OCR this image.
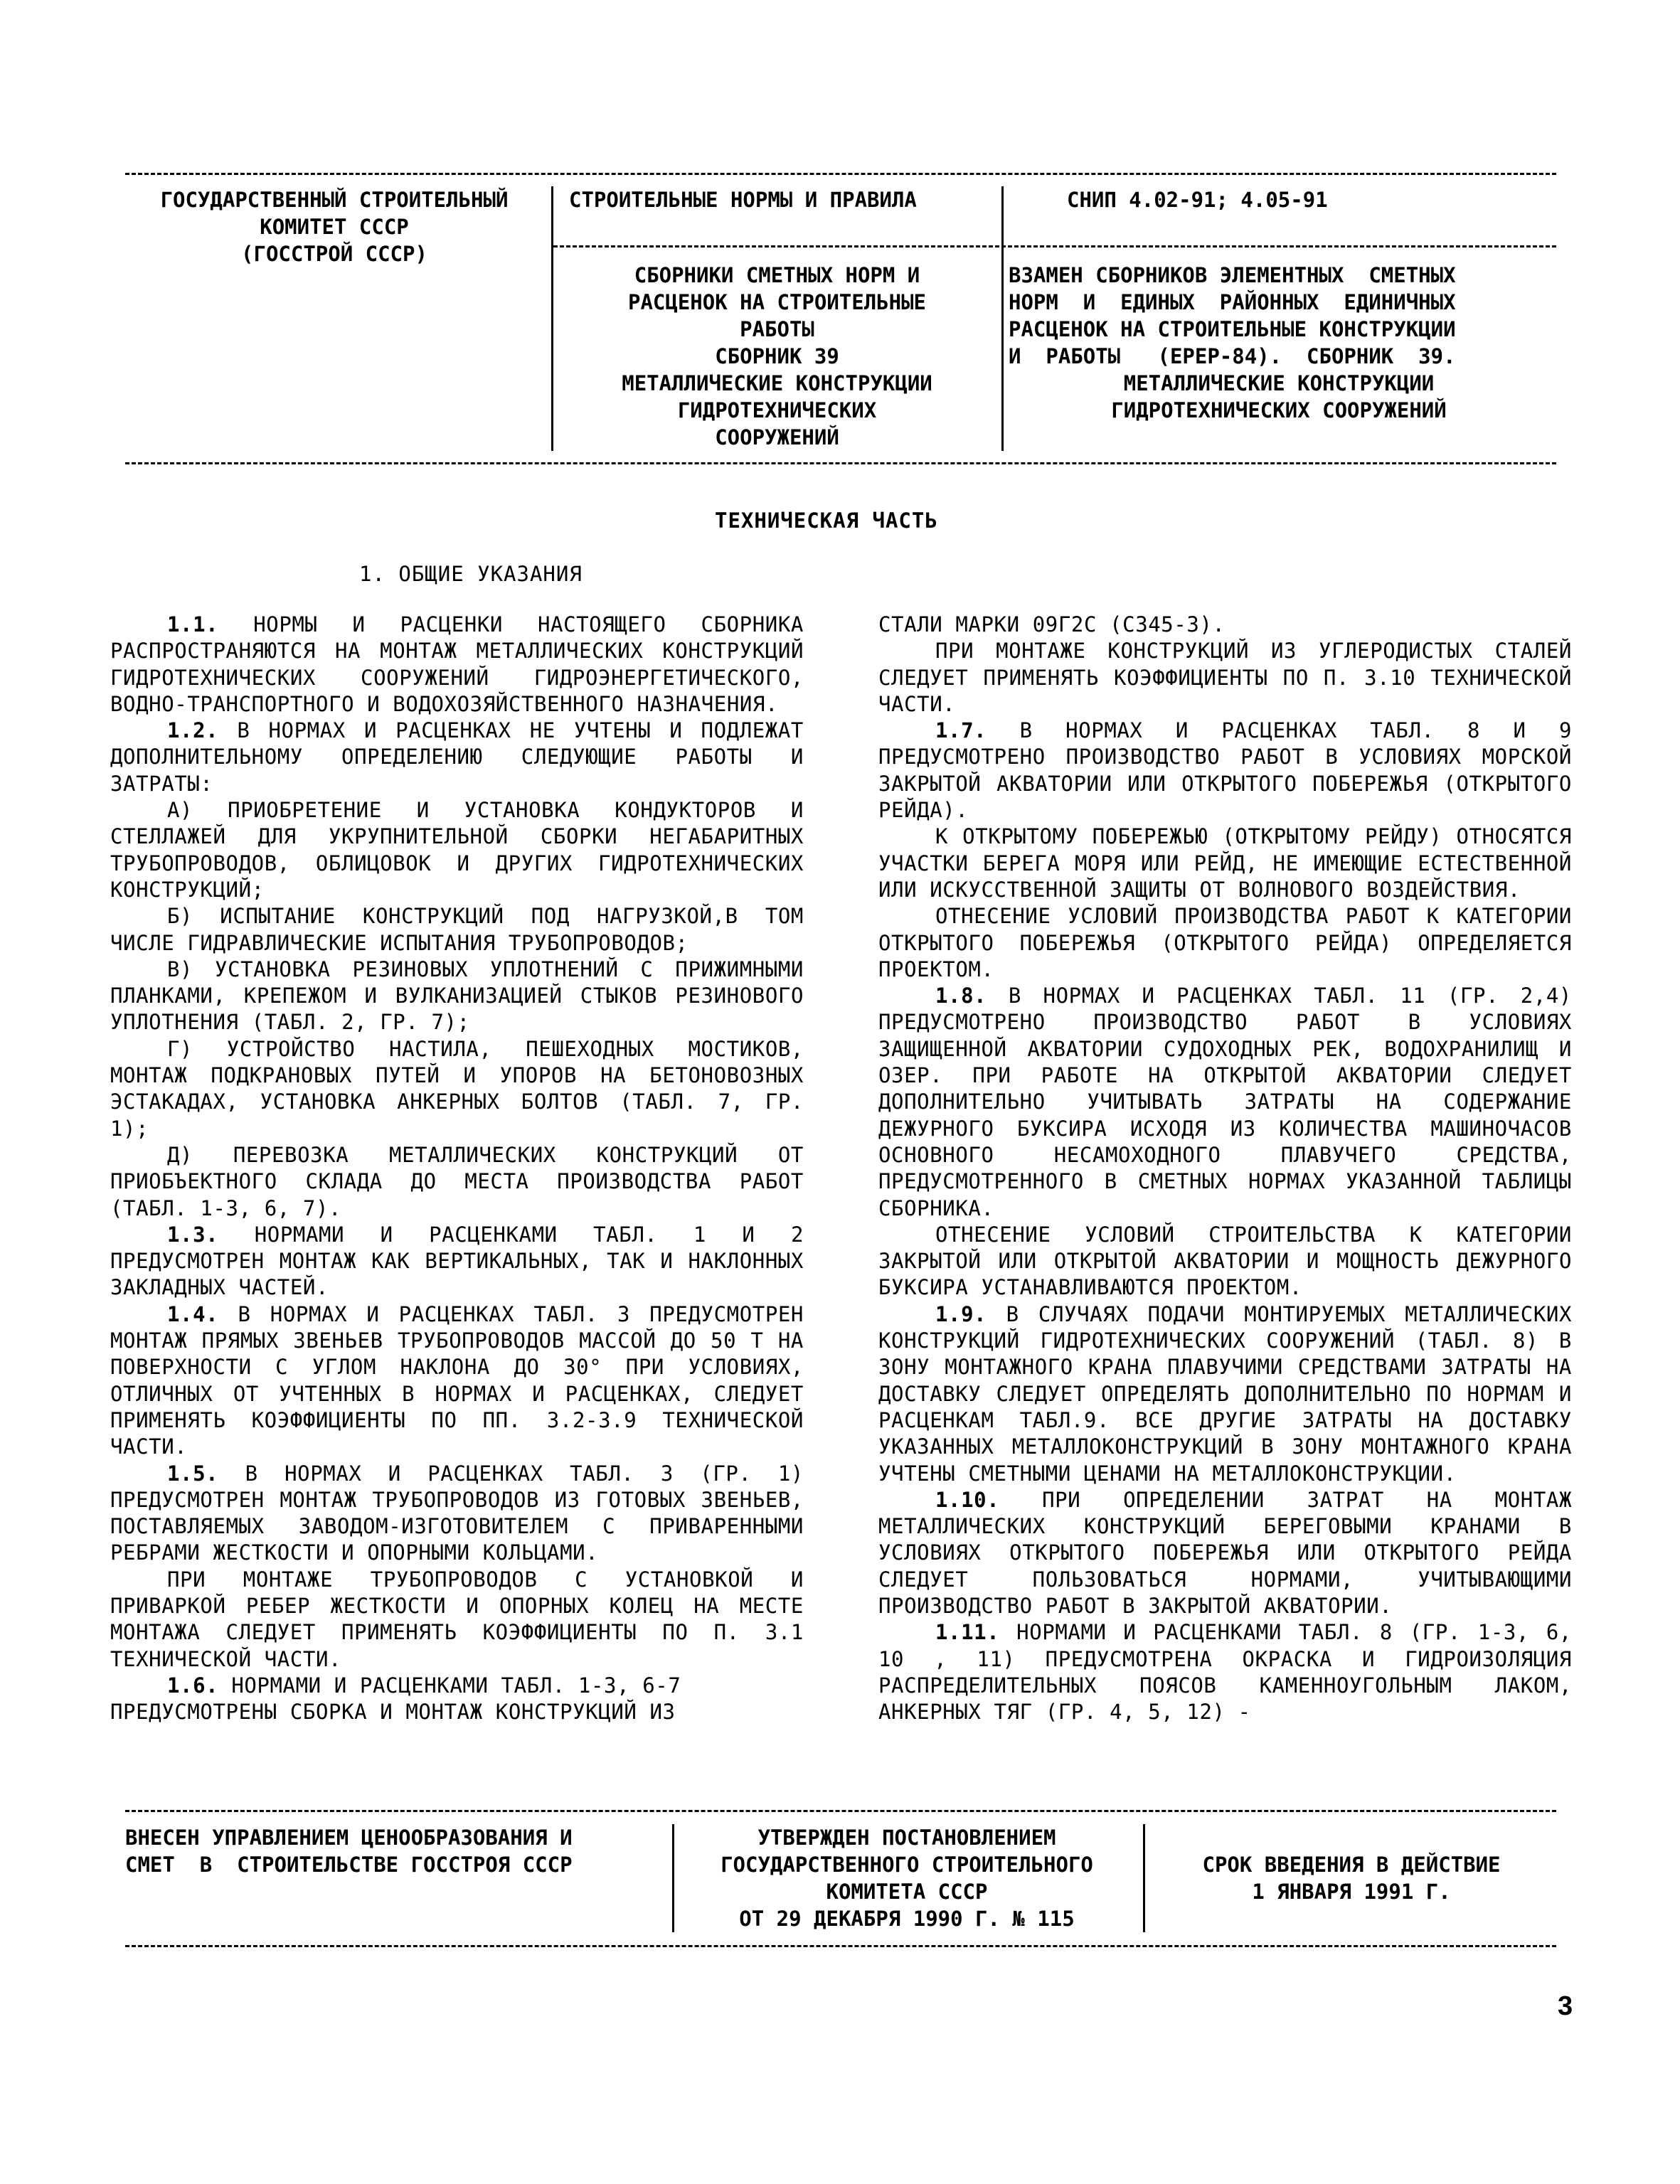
ГОСУДАРСТВЕННЫЙ СТРОИТЕЛЬНЫЙ
КОМИТЕТ СССР
(ГОССТРОЙ СССР)
СТРОИТЕЛЬНЫЕ НОРМЫ И ПРАВИЛА	СНИП 4.02-91; 4.05-91
СБОРНИКИ СМЕТНЫХ НОРМ И
РАСЦЕНОК НА СТРОИТЕЛЬНЫЕ
РАБОТЫ
СБОРНИК 39
МЕТАЛЛИЧЕСКИЕ КОНСТРУКЦИИ
ГИДРОТЕХНИЧЕСКИХ
СООРУЖЕНИЙ
ВЗАМЕН СБОРНИКОВ ЭЛЕМЕНТНЫХ  СМЕТНЫХ
НОРМ  И  ЕДИНЫХ  РАЙОННЫХ  ЕДИНИЧНЫХ
РАСЦЕНОК НА СТРОИТЕЛЬНЫЕ КОНСТРУКЦИИ
И  РАБОТЫ   (ЕРЕР-84).  СБОРНИК  39.
МЕТАЛЛИЧЕСКИЕ КОНСТРУКЦИИ
ГИДРОТЕХНИЧЕСКИХ СООРУЖЕНИЙ
ТЕХНИЧЕСКАЯ ЧАСТЬ
1. ОБЩИЕ УКАЗАНИЯ

1.1. НОРМЫ И РАСЦЕНКИ НАСТОЯЩЕГО СБОРНИКА РАСПРОСТРАНЯЮТСЯ НА МОНТАЖ МЕТАЛЛИЧЕСКИХ КОНСТРУКЦИЙ ГИДРОТЕХНИЧЕСКИХ СООРУЖЕНИЙ ГИДРОЭНЕРГЕТИЧЕСКОГО, ВОДНО-ТРАНСПОРТНОГО И ВОДОХОЗЯЙСТВЕННОГО НАЗНАЧЕНИЯ.

1.2. В НОРМАХ И РАСЦЕНКАХ НЕ УЧТЕНЫ И ПОДЛЕЖАТ ДОПОЛНИТЕЛЬНОМУ ОПРЕДЕЛЕНИЮ СЛЕДУЮЩИЕ РАБОТЫ И ЗАТРАТЫ:

А) ПРИОБРЕТЕНИЕ И УСТАНОВКА КОНДУКТОРОВ И СТЕЛЛАЖЕЙ ДЛЯ УКРУПНИТЕЛЬНОЙ СБОРКИ НЕГАБАРИТНЫХ ТРУБОПРОВОДОВ, ОБЛИЦОВОК И ДРУГИХ ГИДРОТЕХНИЧЕСКИХ КОНСТРУКЦИЙ;

Б) ИСПЫТАНИЕ КОНСТРУКЦИЙ ПОД НАГРУЗКОЙ,В ТОМ ЧИСЛЕ ГИДРАВЛИЧЕСКИЕ ИСПЫТАНИЯ ТРУБОПРОВОДОВ;

В) УСТАНОВКА РЕЗИНОВЫХ УПЛОТНЕНИЙ С ПРИЖИМНЫМИ ПЛАНКАМИ, КРЕПЕЖОМ И ВУЛКАНИЗАЦИЕЙ СТЫКОВ РЕЗИНОВОГО УПЛОТНЕНИЯ (ТАБЛ. 2, ГР. 7);

Г) УСТРОЙСТВО НАСТИЛА, ПЕШЕХОДНЫХ МОСТИКОВ, МОНТАЖ ПОДКРАНОВЫХ ПУТЕЙ И УПОРОВ НА БЕТОНОВОЗНЫХ ЭСТАКАДАХ, УСТАНОВКА АНКЕРНЫХ БОЛТОВ (ТАБЛ. 7, ГР. 1);

Д) ПЕРЕВОЗКА МЕТАЛЛИЧЕСКИХ КОНСТРУКЦИЙ ОТ ПРИОБЪЕКТНОГО СКЛАДА ДО МЕСТА ПРОИЗВОДСТВА РАБОТ (ТАБЛ. 1-3, 6, 7).

1.3. НОРМАМИ И РАСЦЕНКАМИ ТАБЛ. 1 И 2 ПРЕДУСМОТРЕН МОНТАЖ КАК ВЕРТИКАЛЬНЫХ, ТАК И НАКЛОННЫХ ЗАКЛАДНЫХ ЧАСТЕЙ.

1.4. В НОРМАХ И РАСЦЕНКАХ ТАБЛ. 3 ПРЕДУСМОТРЕН МОНТАЖ ПРЯМЫХ ЗВЕНЬЕВ ТРУБОПРОВОДОВ МАССОЙ ДО 50 Т НА ПОВЕРХНОСТИ С УГЛОМ НАКЛОНА ДО 30° ПРИ УСЛОВИЯХ, ОТЛИЧНЫХ ОТ УЧТЕННЫХ В НОРМАХ И РАСЦЕНКАХ, СЛЕДУЕТ ПРИМЕНЯТЬ КОЭФФИЦИЕНТЫ ПО ПП. 3.2-3.9 ТЕХНИЧЕСКОЙ ЧАСТИ.

1.5. В НОРМАХ И РАСЦЕНКАХ ТАБЛ. 3 (ГР. 1) ПРЕДУСМОТРЕН МОНТАЖ ТРУБОПРОВОДОВ ИЗ ГОТОВЫХ ЗВЕНЬЕВ, ПОСТАВЛЯЕМЫХ ЗАВОДОМ-ИЗГОТОВИТЕЛЕМ С ПРИВАРЕННЫМИ РЕБРАМИ ЖЕСТКОСТИ И ОПОРНЫМИ КОЛЬЦАМИ.

ПРИ МОНТАЖЕ ТРУБОПРОВОДОВ С УСТАНОВКОЙ И ПРИВАРКОЙ РЕБЕР ЖЕСТКОСТИ И ОПОРНЫХ КОЛЕЦ НА МЕСТЕ МОНТАЖА СЛЕДУЕТ ПРИМЕНЯТЬ КОЭФФИЦИЕНТЫ ПО П. 3.1 ТЕХНИЧЕСКОЙ ЧАСТИ.

1.6. НОРМАМИ И РАСЦЕНКАМИ ТАБЛ. 1-3, 6-7 ПРЕДУСМОТРЕНЫ СБОРКА И МОНТАЖ КОНСТРУКЦИЙ ИЗ

СТАЛИ МАРКИ 09Г2С (С345-3).

ПРИ МОНТАЖЕ КОНСТРУКЦИЙ ИЗ УГЛЕРОДИСТЫХ СТАЛЕЙ СЛЕДУЕТ ПРИМЕНЯТЬ КОЭФФИЦИЕНТЫ ПО П. 3.10 ТЕХНИЧЕСКОЙ ЧАСТИ.

1.7. В НОРМАХ И РАСЦЕНКАХ ТАБЛ. 8 И 9 ПРЕДУСМОТРЕНО ПРОИЗВОДСТВО РАБОТ В УСЛОВИЯХ МОРСКОЙ ЗАКРЫТОЙ АКВАТОРИИ ИЛИ ОТКРЫТОГО ПОБЕРЕЖЬЯ (ОТКРЫТОГО РЕЙДА).

К ОТКРЫТОМУ ПОБЕРЕЖЬЮ (ОТКРЫТОМУ РЕЙДУ) ОТНОСЯТСЯ УЧАСТКИ БЕРЕГА МОРЯ ИЛИ РЕЙД, НЕ ИМЕЮЩИЕ ЕСТЕСТВЕННОЙ ИЛИ ИСКУССТВЕННОЙ ЗАЩИТЫ ОТ ВОЛНОВОГО ВОЗДЕЙСТВИЯ.

ОТНЕСЕНИЕ УСЛОВИЙ ПРОИЗВОДСТВА РАБОТ К КАТЕГОРИИ ОТКРЫТОГО ПОБЕРЕЖЬЯ (ОТКРЫТОГО РЕЙДА) ОПРЕДЕЛЯЕТСЯ ПРОЕКТОМ.

1.8. В НОРМАХ И РАСЦЕНКАХ ТАБЛ. 11 (ГР. 2,4) ПРЕДУСМОТРЕНО ПРОИЗВОДСТВО РАБОТ В УСЛОВИЯХ ЗАЩИЩЕННОЙ АКВАТОРИИ СУДОХОДНЫХ РЕК, ВОДОХРАНИЛИЩ И ОЗЕР. ПРИ РАБОТЕ НА ОТКРЫТОЙ АКВАТОРИИ СЛЕДУЕТ ДОПОЛНИТЕЛЬНО УЧИТЫВАТЬ ЗАТРАТЫ НА СОДЕРЖАНИЕ ДЕЖУРНОГО БУКСИРА ИСХОДЯ ИЗ КОЛИЧЕСТВА МАШИНОЧАСОВ ОСНОВНОГО НЕСАМОХОДНОГО ПЛАВУЧЕГО СРЕДСТВА, ПРЕДУСМОТРЕННОГО В СМЕТНЫХ НОРМАХ УКАЗАННОЙ ТАБЛИЦЫ СБОРНИКА.

ОТНЕСЕНИЕ УСЛОВИЙ СТРОИТЕЛЬСТВА К КАТЕГОРИИ ЗАКРЫТОЙ ИЛИ ОТКРЫТОЙ АКВАТОРИИ И МОЩНОСТЬ ДЕЖУРНОГО БУКСИРА УСТАНАВЛИВАЮТСЯ ПРОЕКТОМ.

1.9. В СЛУЧАЯХ ПОДАЧИ МОНТИРУЕМЫХ МЕТАЛЛИЧЕСКИХ КОНСТРУКЦИЙ ГИДРОТЕХНИЧЕСКИХ СООРУЖЕНИЙ (ТАБЛ. 8) В ЗОНУ МОНТАЖНОГО КРАНА ПЛАВУЧИМИ СРЕДСТВАМИ ЗАТРАТЫ НА ДОСТАВКУ СЛЕДУЕТ ОПРЕДЕЛЯТЬ ДОПОЛНИТЕЛЬНО ПО НОРМАМ И РАСЦЕНКАМ ТАБЛ.9. ВСЕ ДРУГИЕ ЗАТРАТЫ НА ДОСТАВКУ УКАЗАННЫХ МЕТАЛЛОКОНСТРУКЦИЙ В ЗОНУ МОНТАЖНОГО КРАНА УЧТЕНЫ СМЕТНЫМИ ЦЕНАМИ НА МЕТАЛЛОКОНСТРУКЦИИ.

1.10. ПРИ ОПРЕДЕЛЕНИИ ЗАТРАТ НА МОНТАЖ МЕТАЛЛИЧЕСКИХ КОНСТРУКЦИЙ БЕРЕГОВЫМИ КРАНАМИ В УСЛОВИЯХ ОТКРЫТОГО ПОБЕРЕЖЬЯ ИЛИ ОТКРЫТОГО РЕЙДА СЛЕДУЕТ ПОЛЬЗОВАТЬСЯ НОРМАМИ, УЧИТЫВАЮЩИМИ ПРОИЗВОДСТВО РАБОТ В ЗАКРЫТОЙ АКВАТОРИИ.

1.11. НОРМАМИ И РАСЦЕНКАМИ ТАБЛ. 8 (ГР. 1-3, 6, 10 , 11) ПРЕДУСМОТРЕНА ОКРАСКА И ГИДРОИЗОЛЯЦИЯ РАСПРЕДЕЛИТЕЛЬНЫХ ПОЯСОВ КАМЕННОУГОЛЬНЫМ ЛАКОМ, АНКЕРНЫХ ТЯГ (ГР. 4, 5, 12) -

ВНЕСЕН УПРАВЛЕНИЕМ ЦЕНООБРАЗОВАНИЯ И
СМЕТ  В  СТРОИТЕЛЬСТВЕ ГОССТРОЯ СССР
УТВЕРЖДЕН ПОСТАНОВЛЕНИЕМ
ГОСУДАРСТВЕННОГО СТРОИТЕЛЬНОГО
КОМИТЕТА СССР
ОТ 29 ДЕКАБРЯ 1990 Г. № 115
СРОК ВВЕДЕНИЯ В ДЕЙСТВИЕ
1 ЯНВАРЯ 1991 Г.
3
